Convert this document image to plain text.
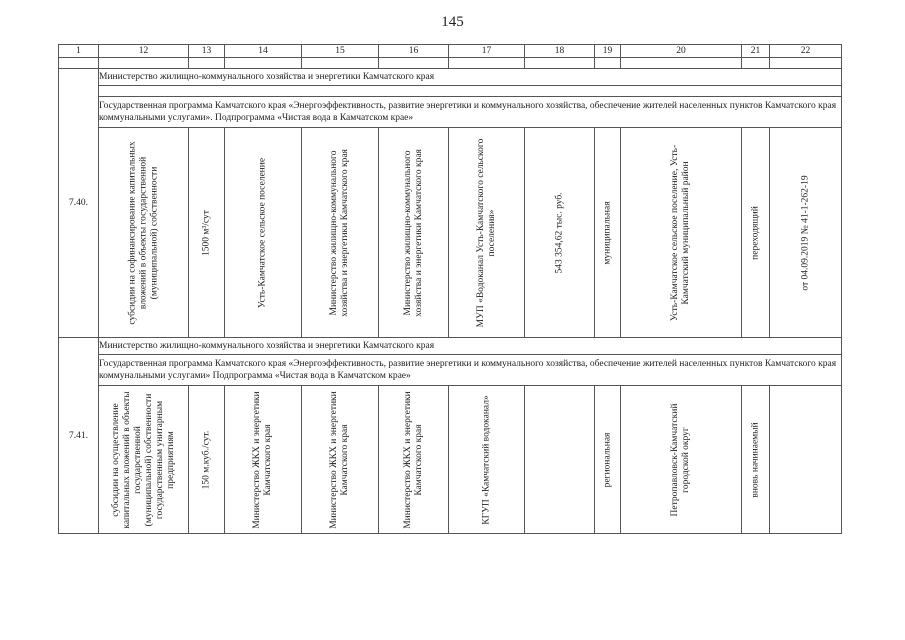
145
1	12	13	14	15	16	17	18	19	20	21	22

7.40.	Министерство жилищно-коммунального хозяйства и энергетики Камчатского края										

	Государственная программа Камчатского края «Энергоэффективность, развитие энергетики и коммунального хозяйства, обеспечение жителей населенных пунктов Камчатского края коммунальными услугами». Подпрограмма «Чистая вода в Камчатском крае»										

	субсидии на софинансирование капитальных вложений в объекты государственной (муниципальной) собственности	1500 м³/сут	Усть-Камчатское сельское поселение	Министерство жилищно-коммунального хозяйства и энергетики Камчатского края	Министерство жилищно-коммунального хозяйства и энергетики Камчатского края	МУП «Водоканал Усть-Камчатского сельского поселения»	543 354,62 тыс. руб.	муниципальная	Усть-Камчатское сельское поселение, Усть-Камчатский муниципальный район	переходящий	от 04.09.2019 № 41-1-262-19

7.41.	Министерство жилищно-коммунального хозяйства и энергетики Камчатского края										
	Государственная программа Камчатского края «Энергоэффективность, развитие энергетики и коммунального хозяйства, обеспечение жителей населенных пунктов Камчатского края коммунальными услугами» Подпрограмма «Чистая вода в Камчатском крае»										

	субсидии на осуществление капитальных вложений в объекты государственной (муниципальной) собственности государственным унитарным предприятиям	150 м.куб./сут.	Министерство ЖКХ и энергетики Камчатского края	Министерство ЖКХ и энергетики Камчатского края	Министерство ЖКХ и энергетики Камчатского края	КГУП «Камчатский водоканал»		региональная	Петропавловск-Камчатский городской округ	вновь начинаемый	
